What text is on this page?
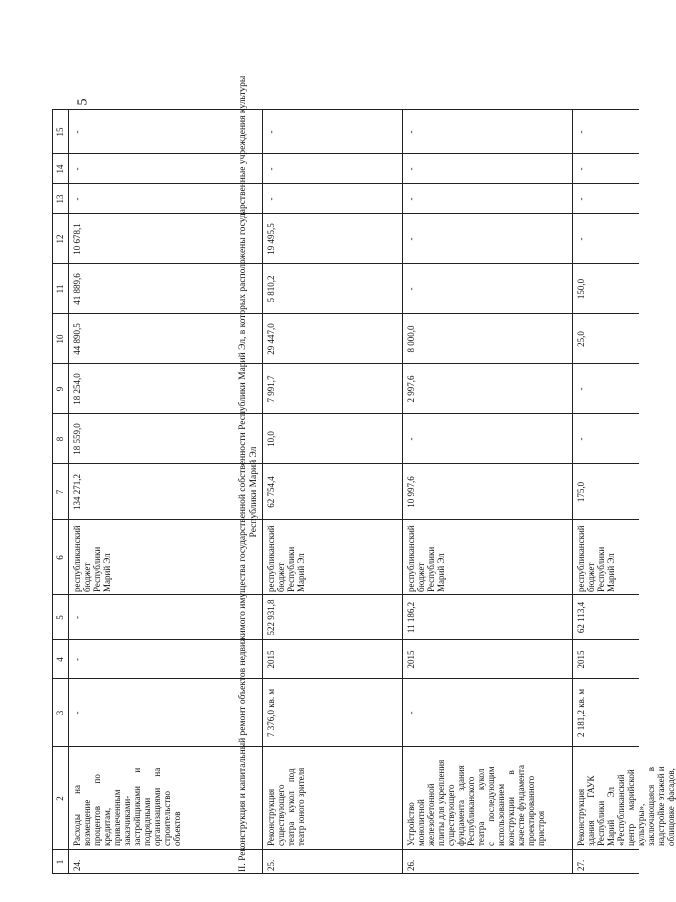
5
1
2
3
4
5
6
7
8
9
10
11
12
13
14
15
24.
Расходы         на
возмещение
процентов          по
кредитам,
привлеченным
заказчиками-
застройщиками      и
подрядными
организациями     на
строительство
объектов
-
-
-
республиканский
бюджет
Республики
Марий Эл
134 271,2
18 559,0
18 254,0
44 890,5
41 889,6
10 678,1
-
-
-
II. Реконструкция и капитальный ремонт объектов недвижимого имущества государственной собственности Республики Марий Эл, в которых расположены государственные учреждения культуры
Республики Марий Эл
25.
Реконструкция
существующего
театра    кукол    под
театр юного зрителя
7 376,0 кв. м
2015
522 931,8
республиканский
бюджет
Республики
Марий Эл
62 754,4
10,0
7 991,7
29 447,0
5 810,2
19 495,5
-
-
-
26.
Устройство
монолитной
железобетонной
плиты для укрепления
существующего
фундамента    здания
Республиканского
театра              кукол
с         последующим
использованием
конструкции          в
качестве фундамента
проектированного
пристроя
-
2015
11 186,2
республиканский
бюджет
Республики
Марий Эл
10 997,6
-
2 997,6
8 000,0
-
-
-
-
-
27.
Реконструкция
здания          ГАУК
Республики
Марий          Эл
«Республиканский
центр      марийской
культуры»,
заключающаяся      в
надстройке этажей и
облицовке  фасадов,
2 181,2 кв. м
2015
62 113,4
республиканский
бюджет
Республики
Марий Эл
175,0
-
-
25,0
150,0
-
-
-
-
